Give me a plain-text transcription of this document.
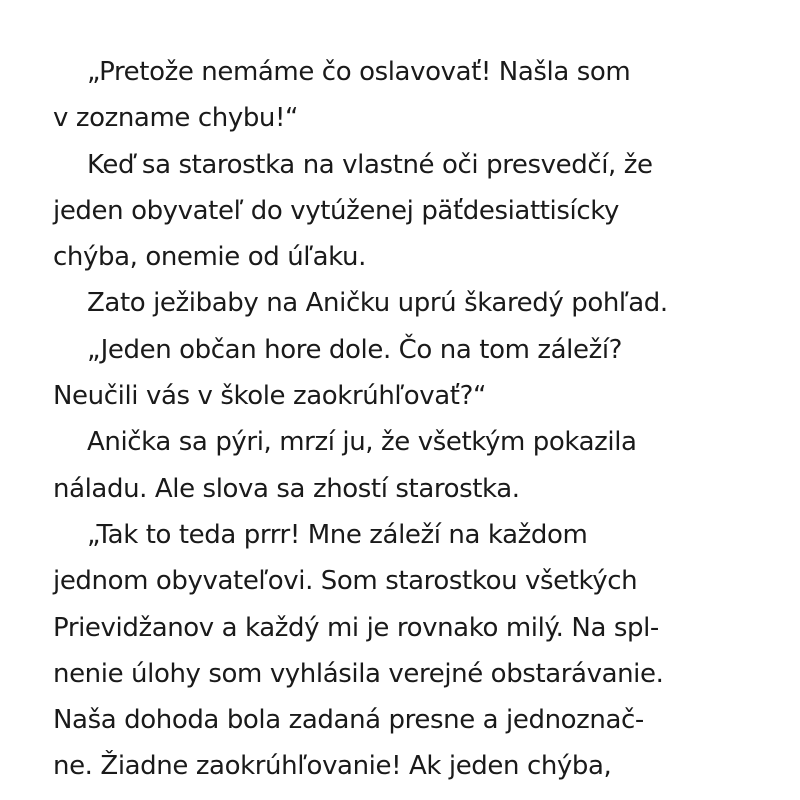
„Pretože nemáme čo oslavovať! Našla som
v zozname chybu!“
Keď sa starostka na vlastné oči presvedčí, že
jeden obyvateľ do vytúženej päťdesiattisícky
chýba, onemie od úľaku.
Zato ježibaby na Aničku uprú škaredý pohľad.
„Jeden občan hore dole. Čo na tom záleží?
Neučili vás v škole zaokrúhľovať?“
Anička sa pýri, mrzí ju, že všetkým pokazila
náladu. Ale slova sa zhostí starostka.
„Tak to teda prrr! Mne záleží na každom
jednom obyvateľovi. Som starostkou všetkých
Prievidžanov a každý mi je rovnako milý. Na spl-
nenie úlohy som vyhlásila verejné obstarávanie.
Naša dohoda bola zadaná presne a jednoznač-
ne. Žiadne zaokrúhľovanie! Ak jeden chýba,
